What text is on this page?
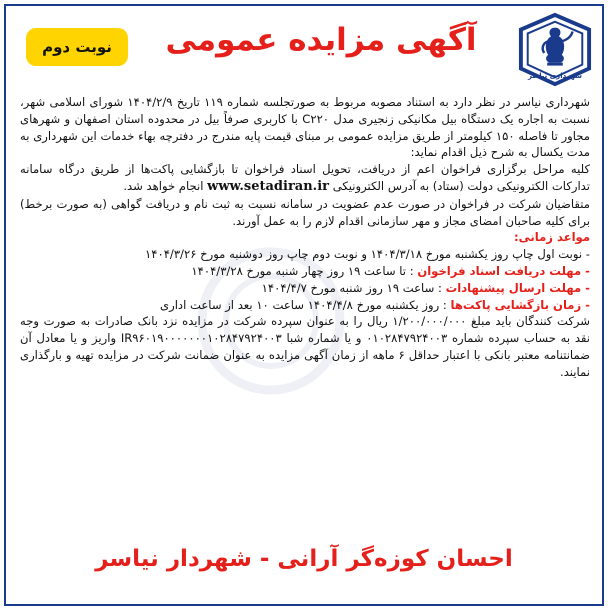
شهرداری نیاسر
آگهی مزایده عمومی
نوبت دوم

شهرداری نیاسر در نظر دارد به استناد مصوبه مربوط به صورتجلسه شماره ۱۱۹ تاریخ ۱۴۰۴/۲/۹ شورای اسلامی شهر، نسبت به اجاره یک دستگاه بیل مکانیکی زنجیری مدل C۲۲۰ با کاربری صرفاً بیل در محدوده استان اصفهان و شهرهای مجاور تا فاصله ۱۵۰ کیلومتر از طریق مزایده عمومی بر مبنای قیمت پایه مندرج در دفترچه بهاء خدمات این شهرداری به مدت یکسال به شرح ذیل اقدام نماید:

کلیه مراحل برگزاری فراخوان اعم از دریافت، تحویل اسناد فراخوان تا بازگشایی پاکت‌ها از طریق درگاه سامانه تدارکات الکترونیکی دولت (ستاد) به آدرس الکترونیکی www.setadiran.ir انجام خواهد شد.

متقاضیان شرکت در فراخوان در صورت عدم عضویت در سامانه نسبت به ثبت نام و دریافت گواهی (به صورت برخط) برای کلیه صاحبان امضای مجاز و مهر سازمانی اقدام لازم را به عمل آورند.

مواعد زمانی:

- نوبت اول چاپ روز یکشنبه مورخ ۱۴۰۴/۳/۱۸ و نوبت دوم چاپ روز دوشنبه مورخ ۱۴۰۴/۳/۲۶

- مهلت دریافت اسناد فراخوان : تا ساعت ۱۹ روز چهار شنبه مورخ ۱۴۰۴/۳/۲۸

- مهلت ارسال پیشنهادات : ساعت ۱۹ روز شنبه مورخ ۱۴۰۴/۴/۷

- زمان بازگشایی پاکت‌ها : روز یکشنبه مورخ ۱۴۰۴/۴/۸ ساعت ۱۰ بعد از ساعت اداری

شرکت کنندگان باید مبلغ ۱/۲۰۰/۰۰۰/۰۰۰ ریال را به عنوان سپرده شرکت در مزایده نزد بانک صادرات به صورت وجه نقد به حساب سپرده شماره ۰۱۰۲۸۴۷۹۲۴۰۰۳ و یا شماره شبا IR۹۶۰۱۹۰۰۰۰۰۰۰۱۰۲۸۴۷۹۲۴۰۰۳ واریز و یا معادل آن ضمانتنامه معتبر بانکی با اعتبار حداقل ۶ ماهه از زمان آگهی مزایده به عنوان ضمانت شرکت در مزایده تهیه و بارگذاری نمایند.

احسان کوزه‌گر آرانی - شهردار نیاسر
